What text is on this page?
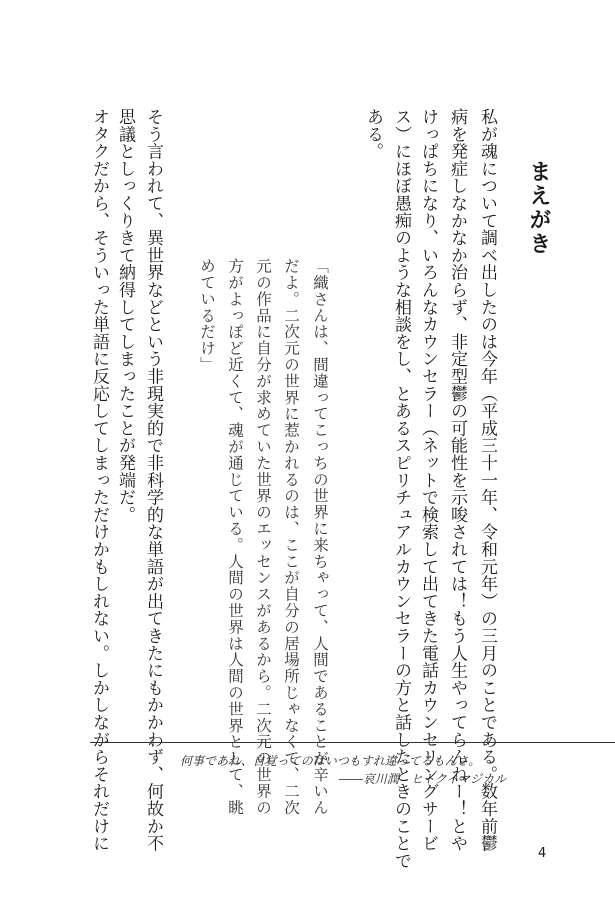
まえがき
私が魂について調べ出したのは今年（平成三十一年、令和元年）の三月のことである。数年前鬱
病を発症しなかなか治らず、非定型鬱の可能性を示唆されては！もう人生やってらんねー！とや
けっぱちになり、いろんなカウンセラー（ネットで検索して出てきた電話カウンセリングサービ
ス）にほぼ愚痴のような相談をし、とあるスピリチュアルカウンセラーの方と話したときのことで
ある。
「織さんは、間違ってこっちの世界に来ちゃって、人間であることが辛いん
だよ。二次元の世界に惹かれるのは、ここが自分の居場所じゃなくて、二次
元の作品に自分が求めていた世界のエッセンスがあるから。二次元の世界の
方がよっぽど近くて、魂が通じている。人間の世界は人間の世界として、眺
めているだけ」
そう言われて、異世界などという非現実的で非科学的な単語が出てきたにもかかわず、何故か不
思議としっくりきて納得してしまったことが発端だ。
オタクだから、そういった単語に反応してしまっただけかもしれない。しかしながらそれだけに	何事であれ、自覚ってのはいつもすれ違ってるもんさ。
――哀川潤　ヒトクイマジカル
4
